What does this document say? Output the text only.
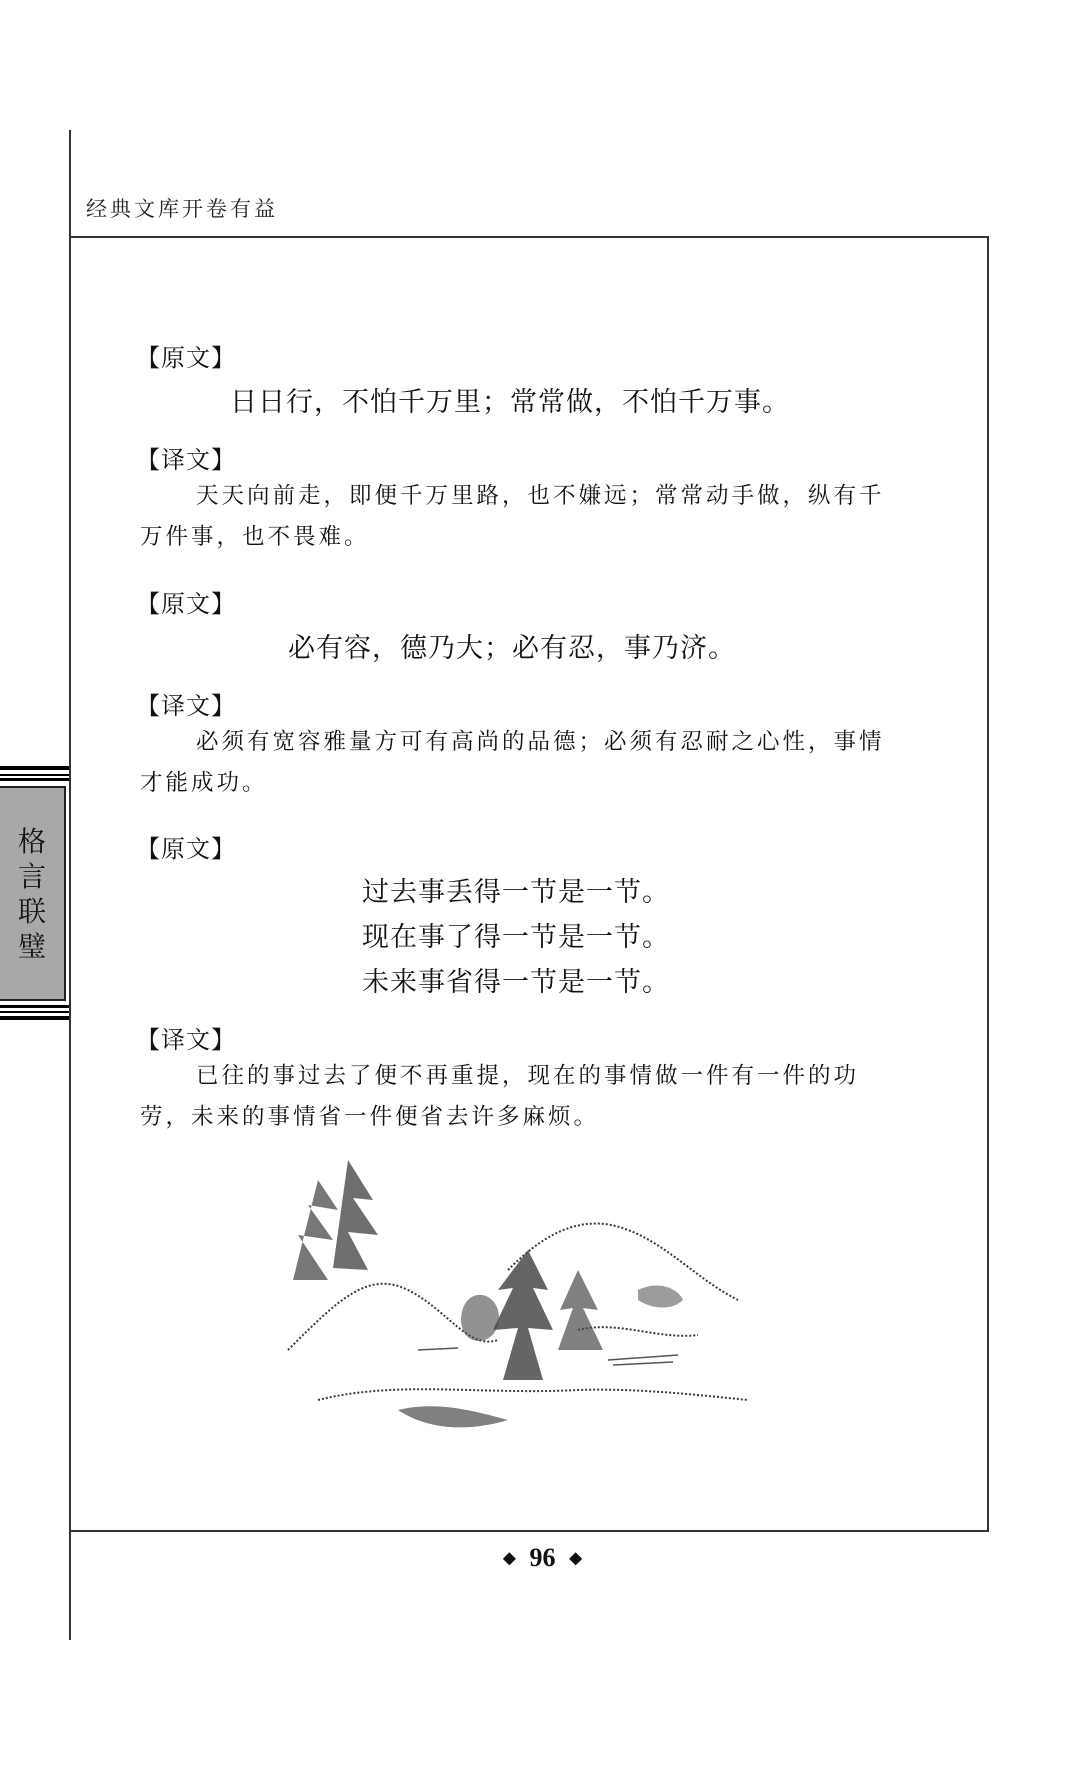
经典文库开卷有益
格
言
联
璧
【原文】
日日行，不怕千万里；常常做，不怕千万事。
【译文】
天天向前走，即便千万里路，也不嫌远；常常动手做，纵有千万件事，也不畏难。
【原文】
必有容，德乃大；必有忍，事乃济。
【译文】
必须有宽容雅量方可有高尚的品德；必须有忍耐之心性，事情才能成功。
【原文】
过去事丢得一节是一节。
现在事了得一节是一节。
未来事省得一节是一节。
【译文】
已往的事过去了便不再重提，现在的事情做一件有一件的功劳，未来的事情省一件便省去许多麻烦。
◆ 96 ◆
